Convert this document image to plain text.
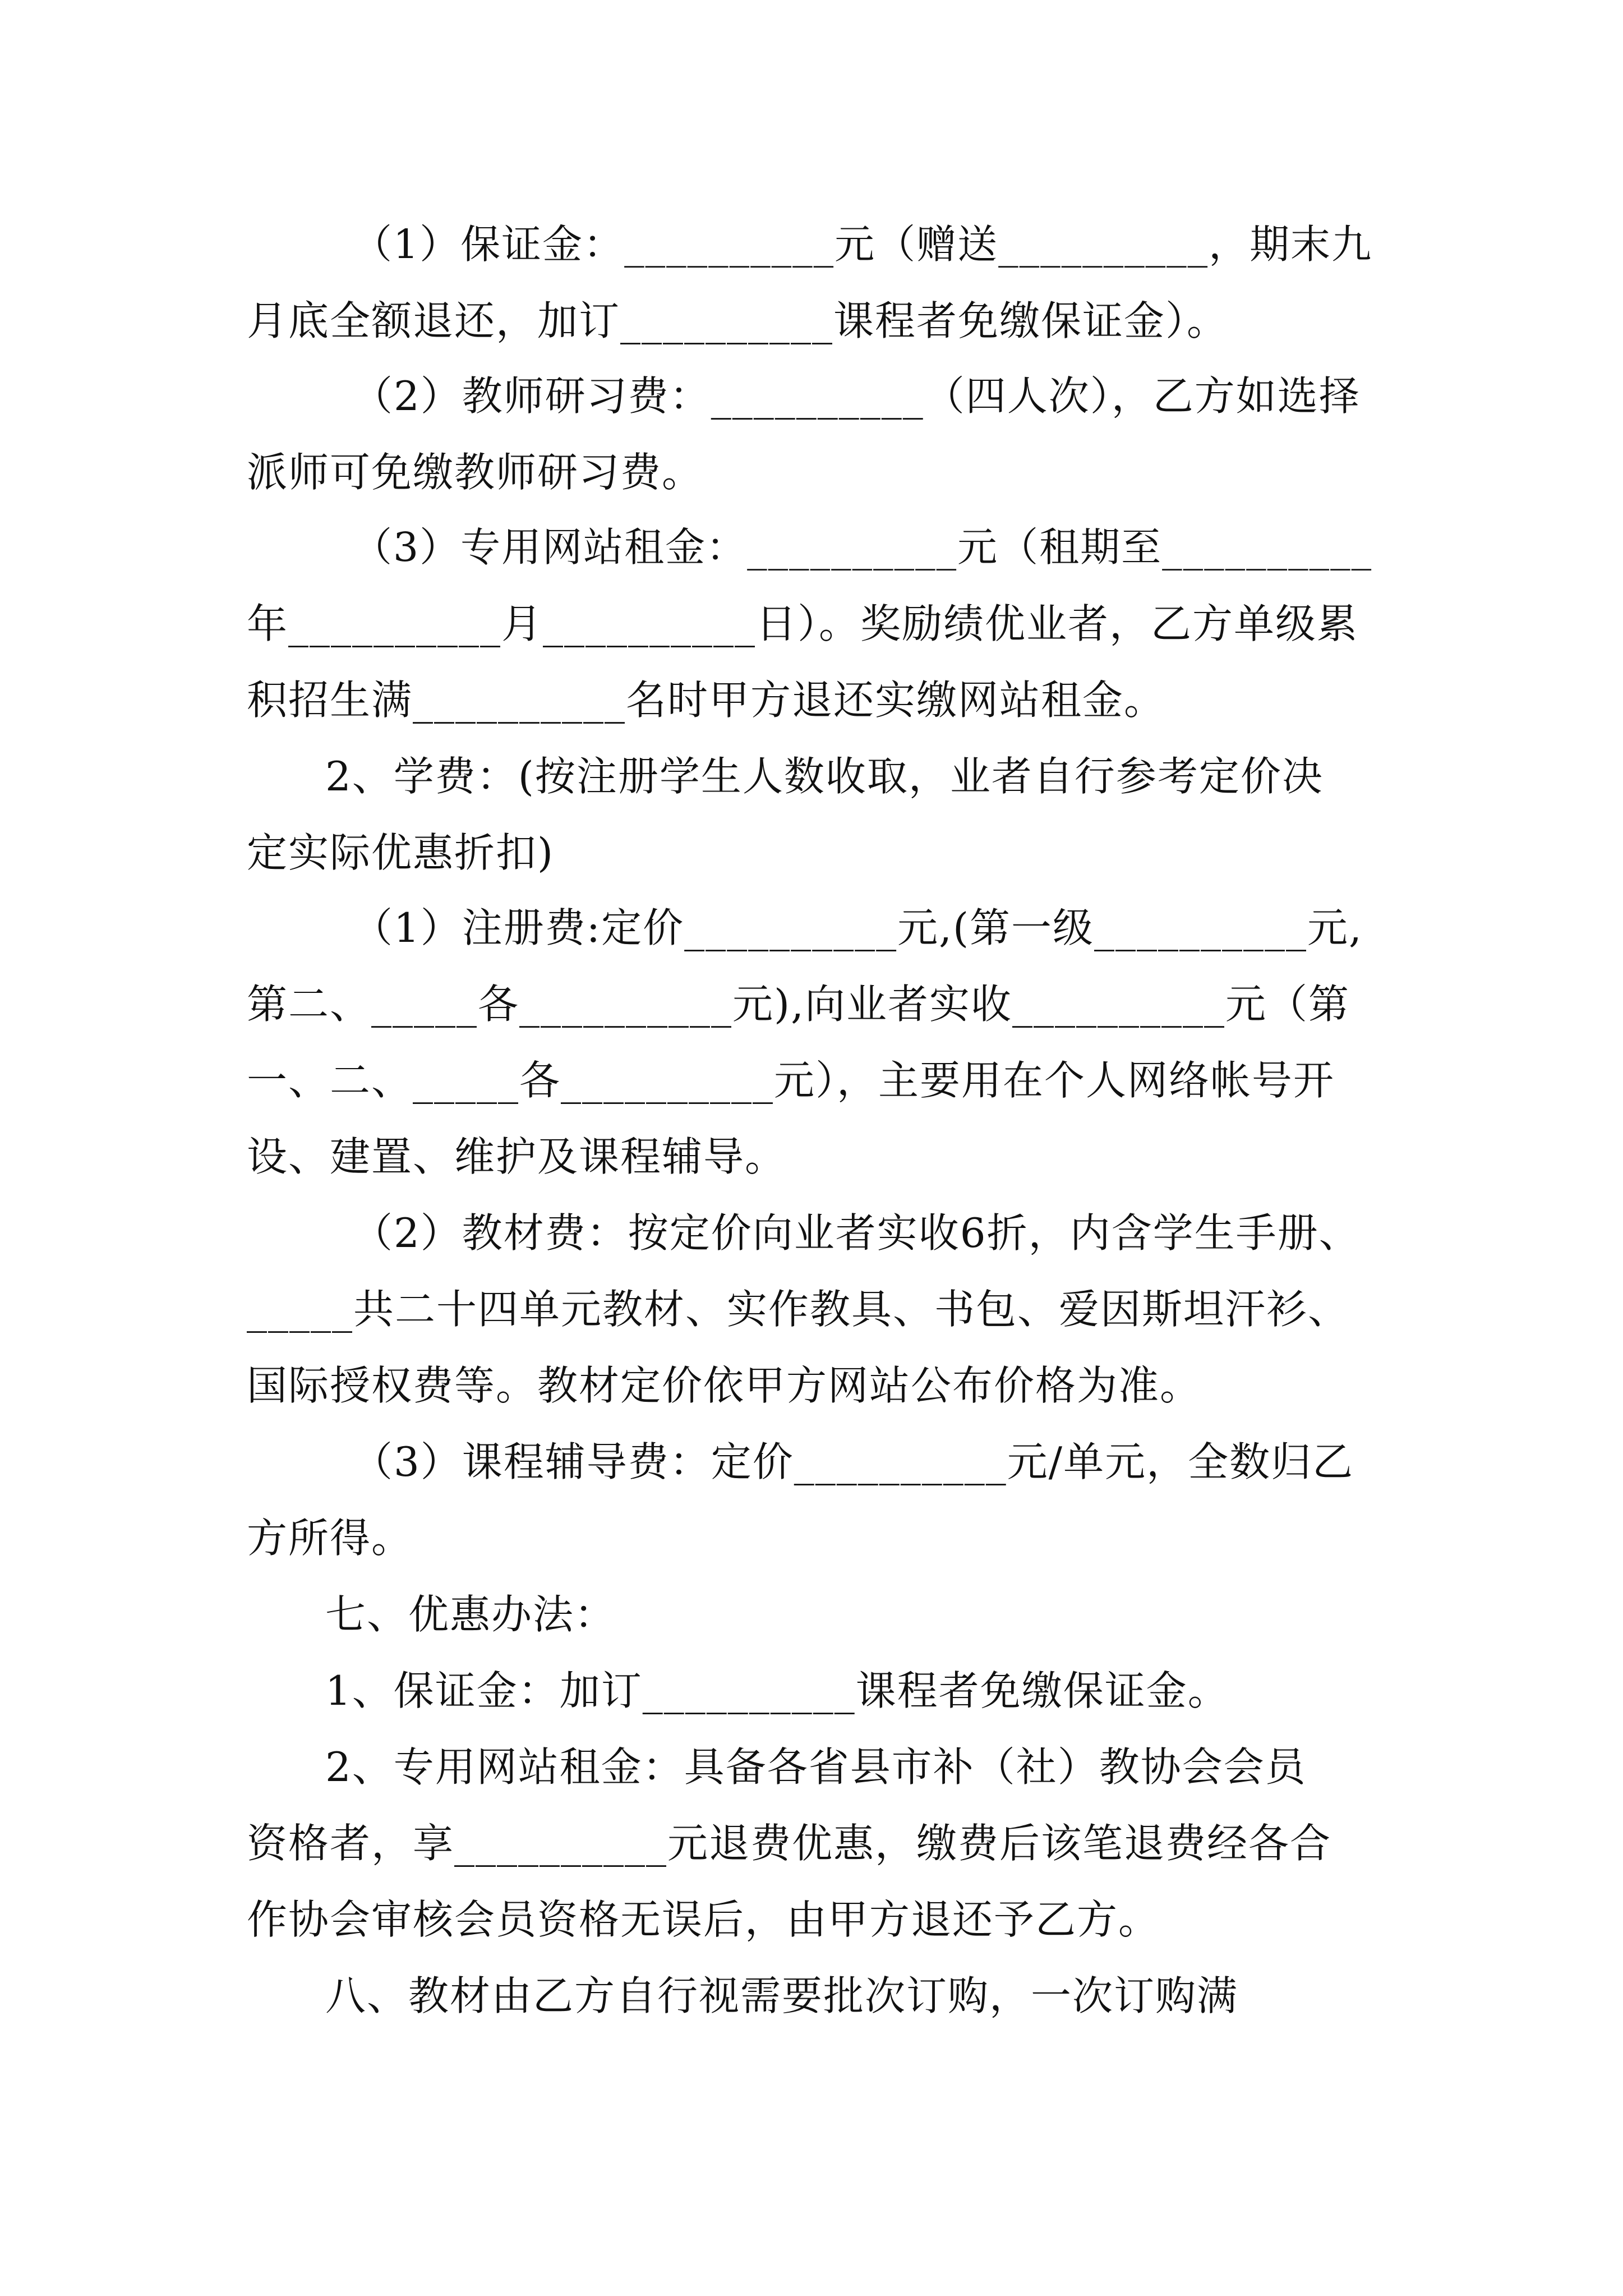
（1）保证金：__________元（赠送__________，期末九
月底全额退还，加订__________课程者免缴保证金）。
（2）教师研习费：__________（四人次），乙方如选择
派师可免缴教师研习费。
（3）专用网站租金：__________元（租期至__________
年__________月__________日）。奖励绩优业者，乙方单级累
积招生满__________名时甲方退还实缴网站租金。
2、学费：(按注册学生人数收取，业者自行参考定价决
定实际优惠折扣)
（1）注册费:定价__________元,(第一级__________元,
第二、_____各__________元),向业者实收__________元（第
一、二、_____各__________元），主要用在个人网络帐号开
设、建置、维护及课程辅导。
（2）教材费：按定价向业者实收6折，内含学生手册、
_____共二十四单元教材、实作教具、书包、爱因斯坦汗衫、
国际授权费等。教材定价依甲方网站公布价格为准。
（3）课程辅导费：定价__________元/单元，全数归乙
方所得。
七、优惠办法：
1、保证金：加订__________课程者免缴保证金。
2、专用网站租金：具备各省县市补（社）教协会会员
资格者，享__________元退费优惠，缴费后该笔退费经各合
作协会审核会员资格无误后，由甲方退还予乙方。
八、教材由乙方自行视需要批次订购，一次订购满
